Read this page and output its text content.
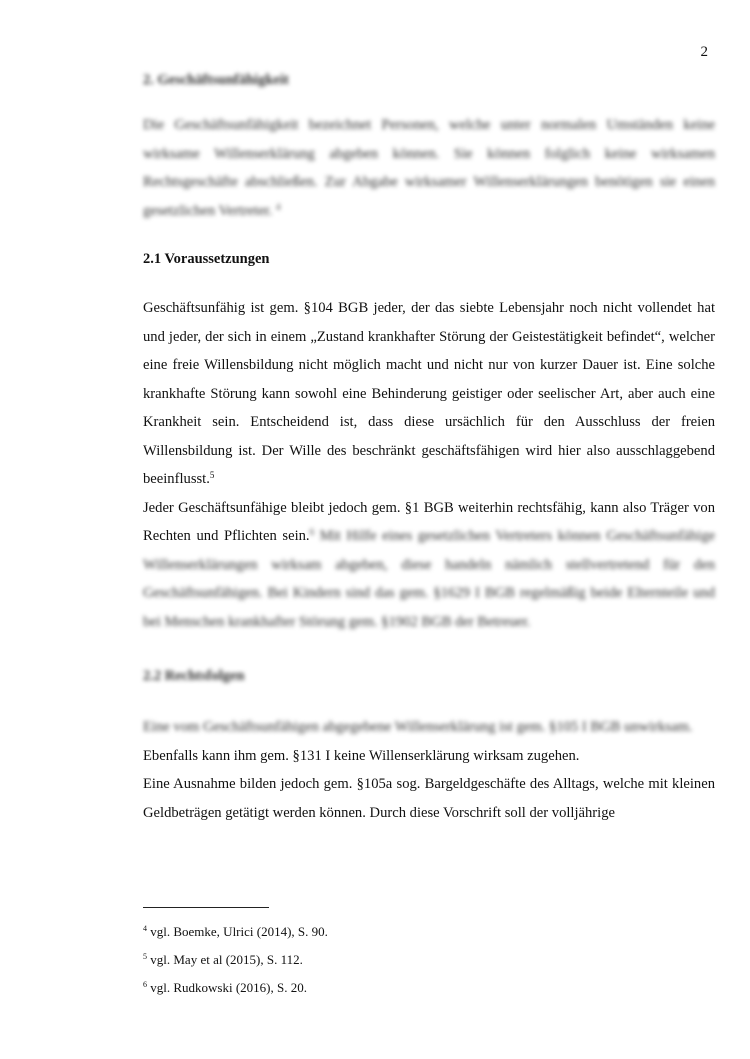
2

2. Geschäftsunfähigkeit

Die Geschäftsunfähigkeit bezeichnet Personen, welche unter normalen Umständen keine wirksame Willenserklärung abgeben können. Sie können folglich keine wirksamen Rechtsgeschäfte abschließen. Zur Abgabe wirksamer Willenserklärungen benötigen sie einen gesetzlichen Vertreter. $^4$

2.1 Voraussetzungen

Geschäftsunfähig ist gem. §104 BGB jeder, der das siebte Lebensjahr noch nicht vollendet hat und jeder, der sich in einem „Zustand krankhafter Störung der Geistestätigkeit befindet“, welcher eine freie Willensbildung nicht möglich macht und nicht nur von kurzer Dauer ist. Eine solche krankhafte Störung kann sowohl eine Behinderung geistiger oder seelischer Art, aber auch eine Krankheit sein. Entscheidend ist, dass diese ursächlich für den Ausschluss der freien Willensbildung ist. Der Wille des beschränkt geschäftsfähigen wird hier also ausschlaggebend beeinflusst.$^5$

Jeder Geschäftsunfähige bleibt jedoch gem. §1 BGB weiterhin rechtsfähig, kann also Träger von Rechten und Pflichten sein.$^6$ Mit Hilfe eines gesetzlichen Vertreters können Geschäftsunfähige Willenserklärungen wirksam abgeben, diese handeln nämlich stellvertretend für den Geschäftsunfähigen. Bei Kindern sind das gem. §1629 I BGB regelmäßig beide Elternteile und bei Menschen krankhafter Störung gem. §1902 BGB der Betreuer.

2.2 Rechtsfolgen

Eine vom Geschäftsunfähigen abgegebene Willenserklärung ist gem. §105 I BGB unwirksam.

Ebenfalls kann ihm gem. §131 I keine Willenserklärung wirksam zugehen.

Eine Ausnahme bilden jedoch gem. §105a sog. Bargeldgeschäfte des Alltags, welche mit kleinen Geldbeträgen getätigt werden können. Durch diese Vorschrift soll der volljährige

$^4$ vgl. Boemke, Ulrici (2014), S. 90.

$^5$ vgl. May et al (2015), S. 112.

$^6$ vgl. Rudkowski (2016), S. 20.
